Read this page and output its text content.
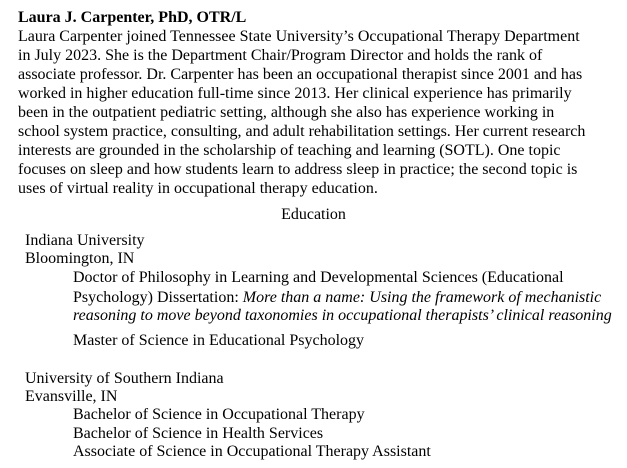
Laura J. Carpenter, PhD, OTR/L
Laura Carpenter joined Tennessee State University’s Occupational Therapy Department
in July 2023. She is the Department Chair/Program Director and holds the rank of
associate professor. Dr. Carpenter has been an occupational therapist since 2001 and has
worked in higher education full-time since 2013. Her clinical experience has primarily
been in the outpatient pediatric setting, although she also has experience working in
school system practice, consulting, and adult rehabilitation settings. Her current research
interests are grounded in the scholarship of teaching and learning (SOTL). One topic
focuses on sleep and how students learn to address sleep in practice; the second topic is
uses of virtual reality in occupational therapy education.
Education
Indiana University
Bloomington, IN
Doctor of Philosophy in Learning and Developmental Sciences (Educational
Psychology) Dissertation: More than a name: Using the framework of mechanistic
reasoning to move beyond taxonomies in occupational therapists’ clinical reasoning
Master of Science in Educational Psychology
University of Southern Indiana
Evansville, IN
Bachelor of Science in Occupational Therapy
Bachelor of Science in Health Services
Associate of Science in Occupational Therapy Assistant
